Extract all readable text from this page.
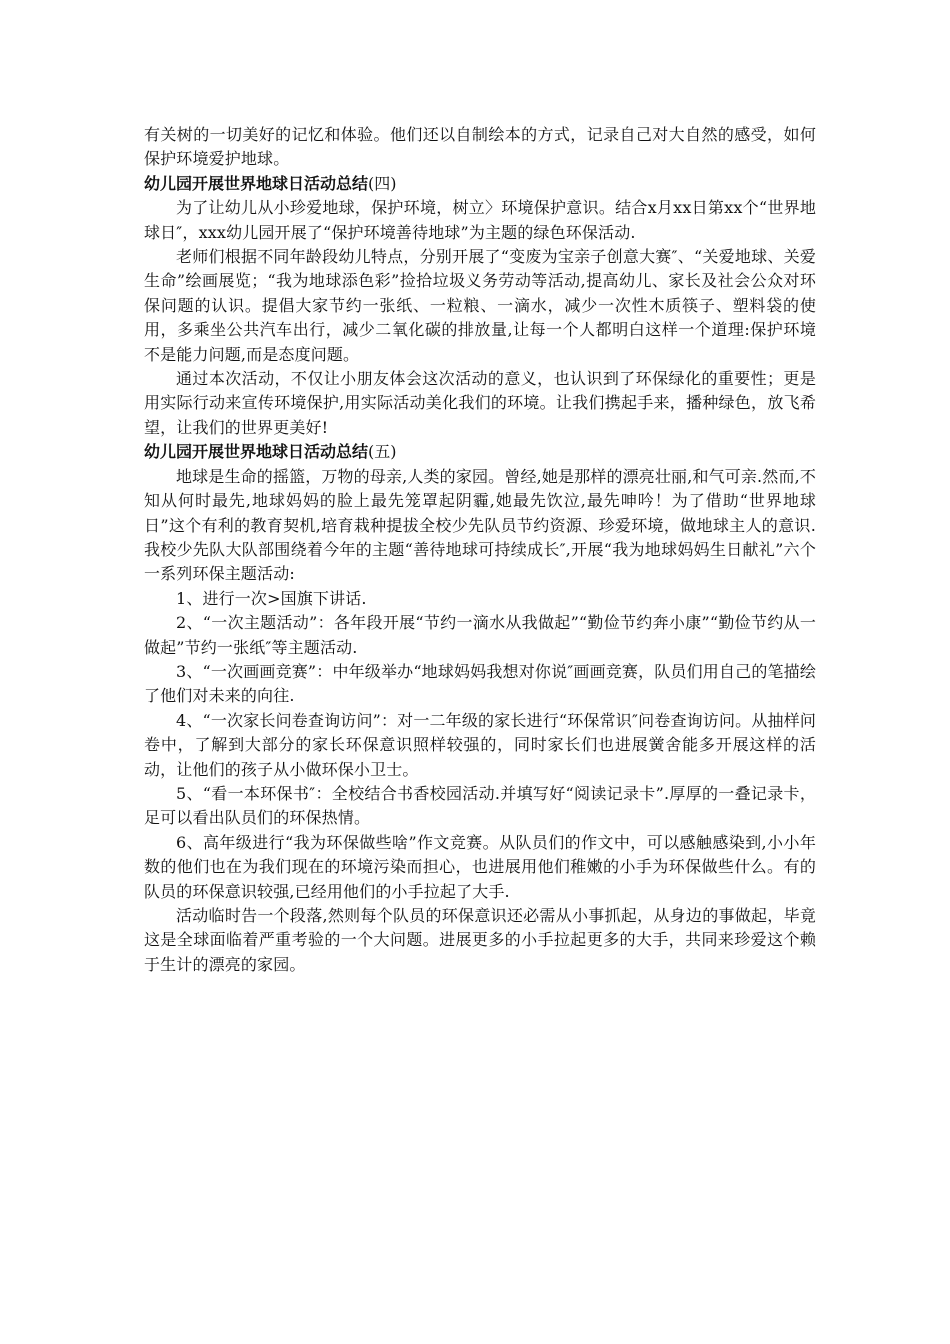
有关树的一切美好的记忆和体验。他们还以自制绘本的方式，记录自己对大自然的感受，如何保护环境爱护地球。

幼儿园开展世界地球日活动总结(四)

为了让幼儿从小珍爱地球，保护环境，树立〉环境保护意识。结合x月xx日第xx个“世界地球日″，xxx幼儿园开展了“保护环境善待地球”为主题的绿色环保活动.

老师们根据不同年龄段幼儿特点，分别开展了“变废为宝亲子创意大赛″、“关爱地球、关爱生命”绘画展览；“我为地球添色彩”捡拾垃圾义务劳动等活动,提高幼儿、家长及社会公众对环保问题的认识。提倡大家节约一张纸、一粒粮、一滴水，减少一次性木质筷子、塑料袋的使用，多乘坐公共汽车出行，减少二氧化碳的排放量,让每一个人都明白这样一个道理:保护环境不是能力问题,而是态度问题。

通过本次活动，不仅让小朋友体会这次活动的意义，也认识到了环保绿化的重要性；更是用实际行动来宣传环境保护,用实际活动美化我们的环境。让我们携起手来，播种绿色，放飞希望，让我们的世界更美好!

幼儿园开展世界地球日活动总结(五)

地球是生命的摇篮，万物的母亲,人类的家园。曾经,她是那样的漂亮壮丽,和气可亲.然而,不知从何时最先,地球妈妈的脸上最先笼罩起阴霾,她最先饮泣,最先呻吟！为了借助“世界地球日”这个有利的教育契机,培育栽种提拔全校少先队员节约资源、珍爱环境，做地球主人的意识.我校少先队大队部围绕着今年的主题“善待地球可持续成长″,开展“我为地球妈妈生日献礼”六个一系列环保主题活动:

1、进行一次>国旗下讲话.

2、“一次主题活动”：各年段开展“节约一滴水从我做起”“勤俭节约奔小康”“勤俭节约从一做起”节约一张纸″等主题活动.

3、“一次画画竞赛”：中年级举办“地球妈妈我想对你说″画画竞赛，队员们用自己的笔描绘了他们对未来的向往.

4、“一次家长问卷查询访问”：对一二年级的家长进行“环保常识″问卷查询访问。从抽样问卷中，了解到大部分的家长环保意识照样较强的，同时家长们也进展黉舍能多开展这样的活动，让他们的孩子从小做环保小卫士。

5、“看一本环保书″：全校结合书香校园活动.并填写好“阅读记录卡”.厚厚的一叠记录卡，足可以看出队员们的环保热情。

6、高年级进行“我为环保做些啥”作文竞赛。从队员们的作文中，可以感触感染到,小小年数的他们也在为我们现在的环境污染而担心，也进展用他们稚嫩的小手为环保做些什么。有的队员的环保意识较强,已经用他们的小手拉起了大手.

活动临时告一个段落,然则每个队员的环保意识还必需从小事抓起，从身边的事做起，毕竟这是全球面临着严重考验的一个大问题。进展更多的小手拉起更多的大手，共同来珍爱这个赖于生计的漂亮的家园。
